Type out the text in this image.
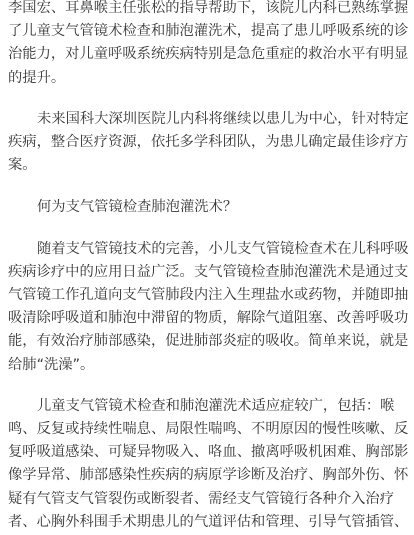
李国宏、耳鼻喉主任张松的指导帮助下，该院儿内科已熟练掌握
了儿童支气管镜术检查和肺泡灌洗术，提高了患儿呼吸系统的诊
治能力，对儿童呼吸系统疾病特别是急危重症的救治水平有明显
的提升。

未来国科大深圳医院儿内科将继续以患儿为中心，针对特定
疾病，整合医疗资源，依托多学科团队，为患儿确定最佳诊疗方
案。

何为支气管镜检查肺泡灌洗术？

随着支气管镜技术的完善，小儿支气管镜检查术在儿科呼吸
疾病诊疗中的应用日益广泛。支气管镜检查肺泡灌洗术是通过支
气管镜工作孔道向支气管肺段内注入生理盐水或药物，并随即抽
吸清除呼吸道和肺泡中滞留的物质，解除气道阻塞、改善呼吸功
能，有效治疗肺部感染，促进肺部炎症的吸收。简单来说，就是
给肺“洗澡”。

儿童支气管镜术检查和肺泡灌洗术适应症较广，包括：喉
鸣、反复或持续性喘息、局限性喘鸣、不明原因的慢性咳嗽、反
复呼吸道感染、可疑异物吸入、咯血、撤离呼吸机困难、胸部影
像学异常、肺部感染性疾病的病原学诊断及治疗、胸部外伤、怀
疑有气管支气管裂伤或断裂者、需经支气管镜行各种介入治疗
者、心胸外科围手术期患儿的气道评估和管理、引导气管插管、
